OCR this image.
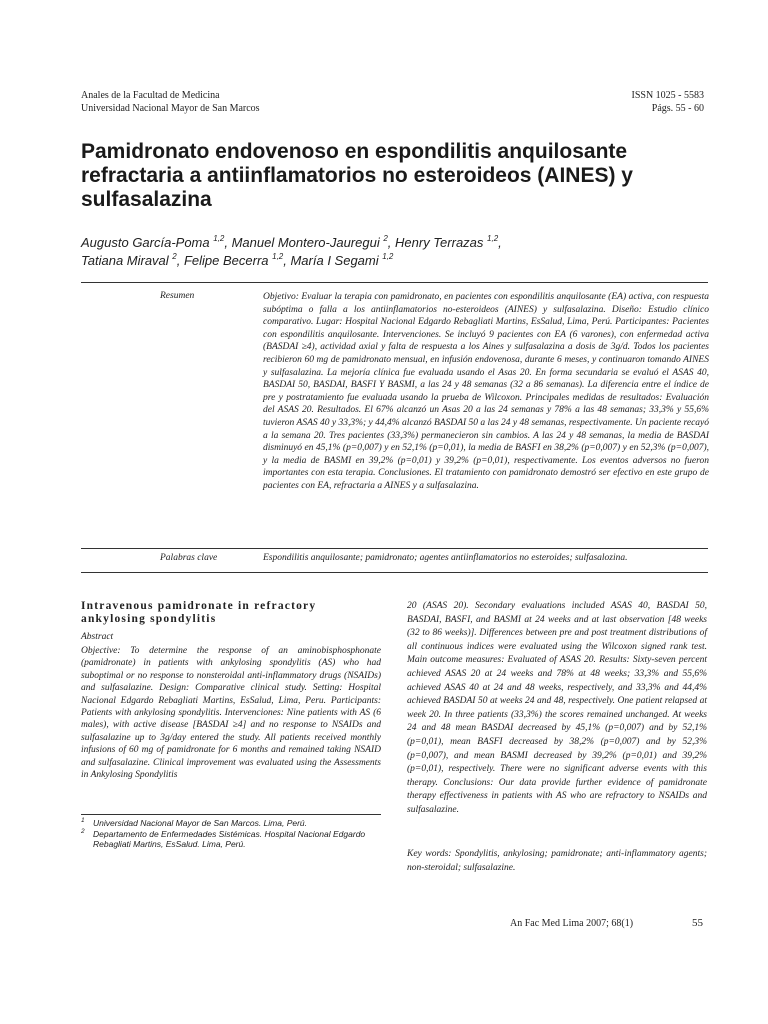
Anales de la Facultad de Medicina
Universidad Nacional Mayor de San Marcos
ISSN 1025 - 5583
Págs. 55 - 60
Pamidronato endovenoso en espondilitis anquilosante refractaria a antiinflamatorios no esteroideos (AINES) y sulfasalazina
Augusto García-Poma $^{1,2}$, Manuel Montero-Jauregui $^2$, Henry Terrazas $^{1,2}$,
Tatiana Miraval $^2$, Felipe Becerra $^{1,2}$, María I Segami $^{1,2}$
Resumen	Objetivo: Evaluar la terapia con pamidronato, en pacientes con espondilitis anquilosante (EA) activa, con respuesta subóptima o falla a los antiinflamatorios no-esteroideos (AINES) y sulfasalazina. Diseño: Estudio clínico comparativo. Lugar: Hospital Nacional Edgardo Rebagliati Martins, EsSalud, Lima, Perú. Participantes: Pacientes con espondilitis anquilosante. Intervenciones. Se incluyó 9 pacientes con EA (6 varones), con enfermedad activa (BASDAI ≥4), actividad axial y falta de respuesta a los Aines y sulfasalazina a dosis de 3g/d. Todos los pacientes recibieron 60 mg de pamidronato mensual, en infusión endovenosa, durante 6 meses, y continuaron tomando AINES y sulfasalazina. La mejoría clínica fue evaluada usando el Asas 20. En forma secundaria se evaluó el ASAS 40, BASDAI 50, BASDAI, BASFI Y BASMI, a las 24 y 48 semanas (32 a 86 semanas). La diferencia entre el índice de pre y postratamiento fue evaluada usando la prueba de Wilcoxon. Principales medidas de resultados: Evaluación del ASAS 20. Resultados. El 67% alcanzó un Asas 20 a las 24 semanas y 78% a las 48 semanas; 33,3% y 55,6% tuvieron ASAS 40 y 33,3%; y 44,4% alcanzó BASDAI 50 a las 24 y 48 semanas, respectivamente. Un paciente recayó a la semana 20. Tres pacientes (33,3%) permanecieron sin cambios. A las 24 y 48 semanas, la media de BASDAI disminuyó en 45,1% (p=0,007) y en 52,1% (p=0,01), la media de BASFI en 38,2% (p=0,007) y en 52,3% (p=0,007), y la media de BASMI en 39,2% (p=0,01) y 39,2% (p=0,01), respectivamente. Los eventos adversos no fueron importantes con esta terapia. Conclusiones. El tratamiento con pamidronato demostró ser efectivo en este grupo de pacientes con EA, refractaria a AINES y a sulfasalazina.
Palabras clave	Espondilitis anquilosante; pamidronato; agentes antiinflamatorios no esteroides; sulfasalozina.
Intravenous pamidronate in refractory ankylosing spondylitis
Abstract
Objective: To determine the response of an aminobisphosphonate (pamidronate) in patients with ankylosing spondylitis (AS) who had suboptimal or no response to nonsteroidal anti-inflammatory drugs (NSAIDs) and sulfasalazine. Design: Comparative clinical study. Setting: Hospital Nacional Edgardo Rebagliati Martins, EsSalud, Lima, Peru. Participants: Patients with ankylosing spondylitis. Intervenciones: Nine patients with AS (6 males), with active disease [BASDAI ≥4] and no response to NSAIDs and sulfasalazine up to 3g/day entered the study. All patients received monthly infusions of 60 mg of pamidronate for 6 months and remained taking NSAID and sulfasalazine. Clinical improvement was evaluated using the Assessments in Ankylosing Spondylitis
1 Universidad Nacional Mayor de San Marcos. Lima, Perú.
2 Departamento de Enfermedades Sistémicas. Hospital Nacional Edgardo Rebagliati Martins, EsSalud. Lima, Perú.
20 (ASAS 20). Secondary evaluations included ASAS 40, BASDAI 50, BASDAI, BASFI, and BASMI at 24 weeks and at last observation [48 weeks (32 to 86 weeks)]. Differences between pre and post treatment distributions of all continuous indices were evaluated using the Wilcoxon signed rank test. Main outcome measures: Evaluated of ASAS 20. Results: Sixty-seven percent achieved ASAS 20 at 24 weeks and 78% at 48 weeks; 33,3% and 55,6% achieved ASAS 40 at 24 and 48 weeks, respectively, and 33,3% and 44,4% achieved BASDAI 50 at weeks 24 and 48, respectively. One patient relapsed at week 20. In three patients (33,3%) the scores remained unchanged. At weeks 24 and 48 mean BASDAI decreased by 45,1% (p=0,007) and by 52,1% (p=0,01), mean BASFI decreased by 38,2% (p=0,007) and by 52,3% (p=0,007), and mean BASMI decreased by 39,2% (p=0,01) and 39,2% (p=0,01), respectively. There were no significant adverse events with this therapy. Conclusions: Our data provide further evidence of pamidronate therapy effectiveness in patients with AS who are refractory to NSAIDs and sulfasalazine.
Key words: Spondylitis, ankylosing; pamidronate; anti-inflammatory agents; non-steroidal; sulfasalazine.
An Fac Med Lima 2007; 68(1)	55
